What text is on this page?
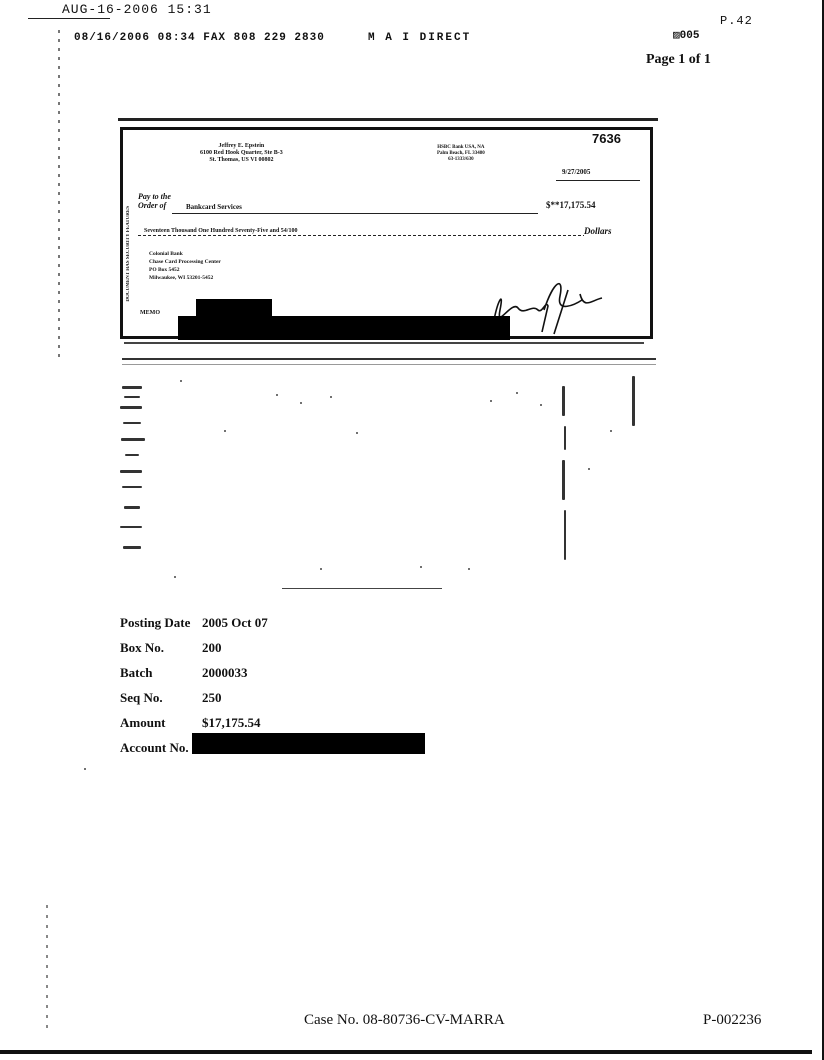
AUG-16-2006 15:31
08/16/2006 08:34 FAX 808 229 2830	M A I DIRECT
P.42
▨005
Page 1 of 1
7636
Jeffrey E. Epstein
6100 Red Hook Quarter, Ste B-3
St. Thomas, US VI 00802
HSBC Bank USA, NA
Palm Beach, FL 33480
63-1333/630
9/27/2005
Pay to the
Order of	Bankcard Services	$**17,175.54
Seventeen Thousand One Hundred Seventy-Five and 54/100	Dollars
Colonial Bank
Chase Card Processing Center
PO Box 5452
Milwaukee, WI 53201-5452
DOCUMENT HAS SECURITY FEATURES
MEMO
Posting Date 2005 Oct 07
Box No.	200
Batch	2000033
Seq No.	250
Amount	$17,175.54
Account No.
Case No. 08-80736-CV-MARRA	P-002236
